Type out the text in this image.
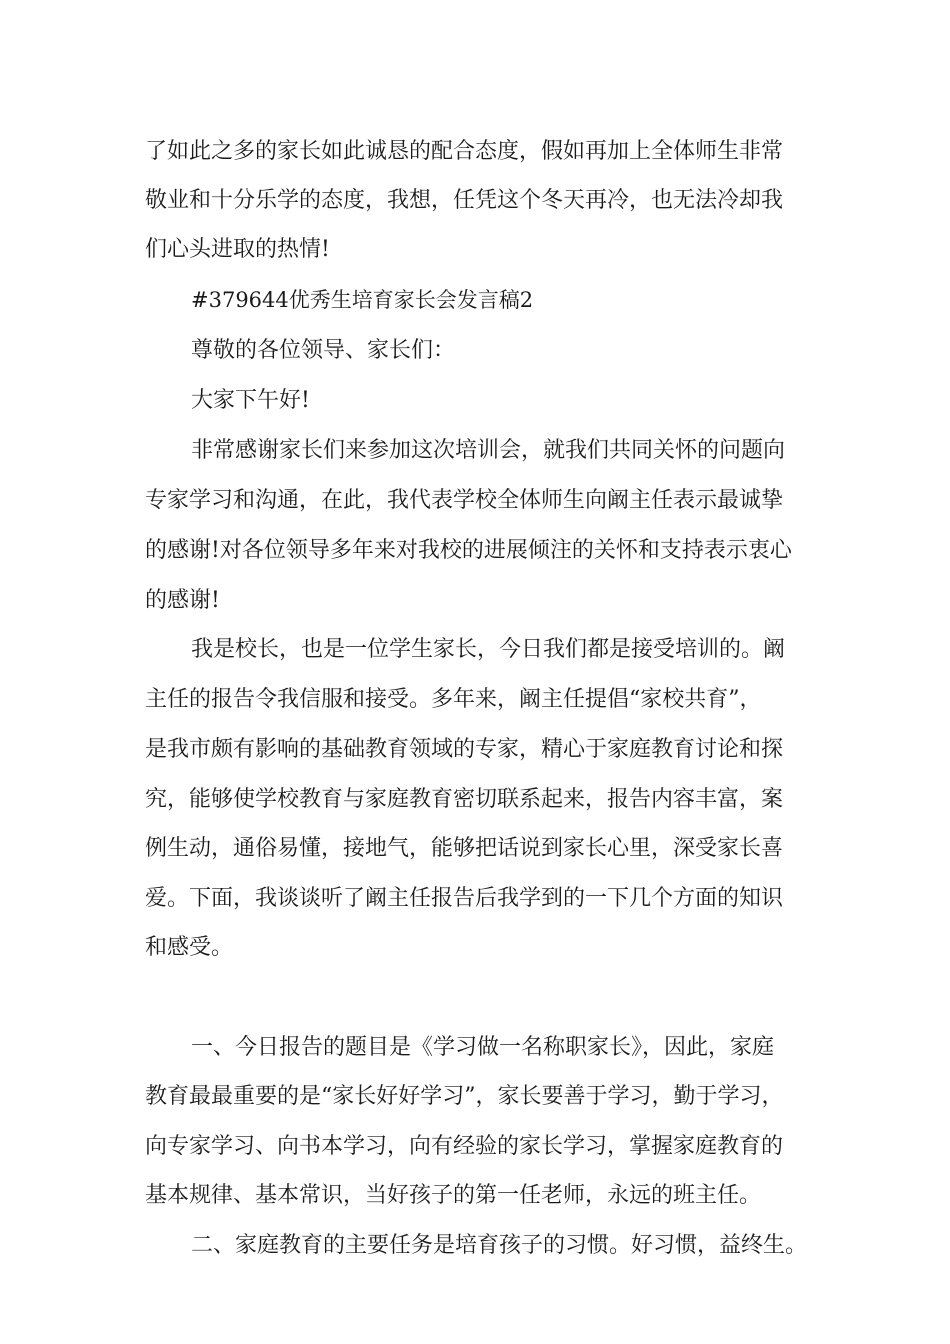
了如此之多的家长如此诚恳的配合态度，假如再加上全体师生非常

敬业和十分乐学的态度，我想，任凭这个冬天再冷，也无法冷却我

们心头进取的热情!

#379644优秀生培育家长会发言稿2

尊敬的各位领导、家长们：

大家下午好!

非常感谢家长们来参加这次培训会，就我们共同关怀的问题向

专家学习和沟通，在此，我代表学校全体师生向阚主任表示最诚挚

的感谢!对各位领导多年来对我校的进展倾注的关怀和支持表示衷心

的感谢!

我是校长，也是一位学生家长，今日我们都是接受培训的。阚

主任的报告令我信服和接受。多年来，阚主任提倡“家校共育”，

是我市颇有影响的基础教育领域的专家，精心于家庭教育讨论和探

究，能够使学校教育与家庭教育密切联系起来，报告内容丰富，案

例生动，通俗易懂，接地气，能够把话说到家长心里，深受家长喜

爱。下面，我谈谈听了阚主任报告后我学到的一下几个方面的知识

和感受。

一、今日报告的题目是《学习做一名称职家长》，因此，家庭

教育最最重要的是“家长好好学习”，家长要善于学习，勤于学习，

向专家学习、向书本学习，向有经验的家长学习，掌握家庭教育的

基本规律、基本常识，当好孩子的第一任老师，永远的班主任。

二、家庭教育的主要任务是培育孩子的习惯。好习惯，益终生。
